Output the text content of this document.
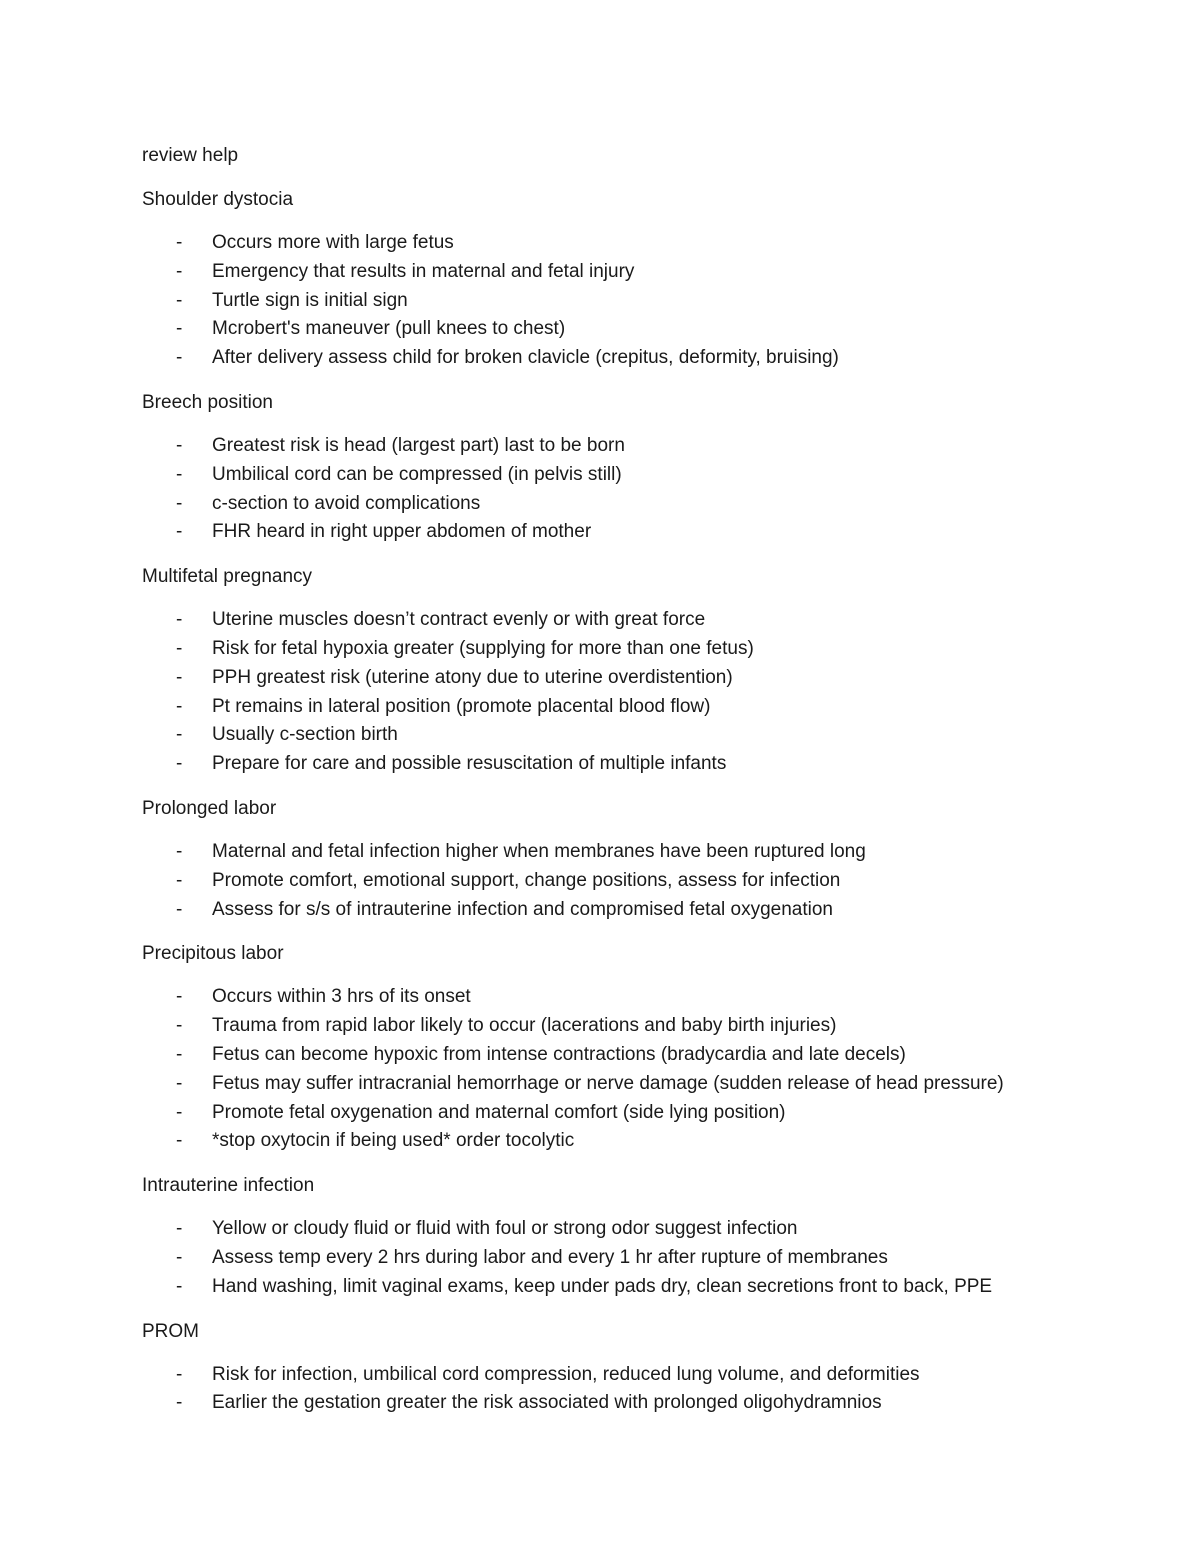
review help
Shoulder dystocia
- Occurs more with large fetus
- Emergency that results in maternal and fetal injury
- Turtle sign is initial sign
- Mcrobert's maneuver (pull knees to chest)
- After delivery assess child for broken clavicle (crepitus, deformity, bruising)
Breech position
- Greatest risk is head (largest part) last to be born
- Umbilical cord can be compressed (in pelvis still)
- c-section to avoid complications
- FHR heard in right upper abdomen of mother
Multifetal pregnancy
- Uterine muscles doesn’t contract evenly or with great force
- Risk for fetal hypoxia greater (supplying for more than one fetus)
- PPH greatest risk (uterine atony due to uterine overdistention)
- Pt remains in lateral position (promote placental blood flow)
- Usually c-section birth
- Prepare for care and possible resuscitation of multiple infants
Prolonged labor
- Maternal and fetal infection higher when membranes have been ruptured long
- Promote comfort, emotional support, change positions, assess for infection
- Assess for s/s of intrauterine infection and compromised fetal oxygenation
Precipitous labor
- Occurs within 3 hrs of its onset
- Trauma from rapid labor likely to occur (lacerations and baby birth injuries)
- Fetus can become hypoxic from intense contractions (bradycardia and late decels)
- Fetus may suffer intracranial hemorrhage or nerve damage (sudden release of head pressure)
- Promote fetal oxygenation and maternal comfort (side lying position)
- *stop oxytocin if being used* order tocolytic
Intrauterine infection
- Yellow or cloudy fluid or fluid with foul or strong odor suggest infection
- Assess temp every 2 hrs during labor and every 1 hr after rupture of membranes
- Hand washing, limit vaginal exams, keep under pads dry, clean secretions front to back, PPE
PROM
- Risk for infection, umbilical cord compression, reduced lung volume, and deformities
- Earlier the gestation greater the risk associated with prolonged oligohydramnios
